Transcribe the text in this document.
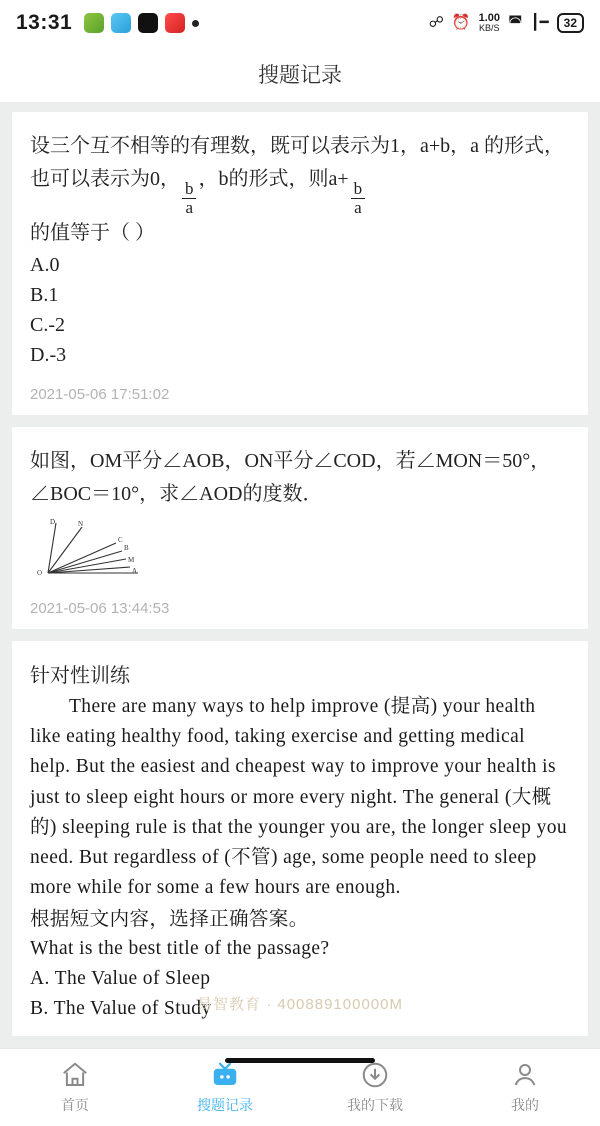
13:31	☍ ⏰ 1.00
KB/S ◚ ┃━	32
搜题记录
设三个互不相等的有理数，既可以表示为1，a+b，a 的形式，也可以表示为0，
$\frac{b}{a}$
，b的形式，则a+
$\frac{b}{a}$
的值等于（ ）
A.0
B.1
C.-2
D.-3
2021-05-06 17:51:02
如图，OM平分∠AOB，ON平分∠COD，若∠MON＝50°，∠BOC＝10°，求∠AOD的度数．
D	N
C
B
M
A
O
2021-05-06 13:44:53
针对性训练

There are many ways to help improve (提高) your health like eating healthy food, taking exercise and getting medical help. But the easiest and cheapest way to improve your health is just to sleep eight hours or more every night. The general (大概的) sleeping rule is that the younger you are, the longer sleep you need. But regardless of (不管) age, some people need to sleep more while for some a few hours are enough.

根据短文内容，选择正确答案。

What is the best title of the passage?

A. The Value of Sleep

B. The Value of Study

易智教育 · 400889100000M
首页	搜题记录	我的下载	我的
